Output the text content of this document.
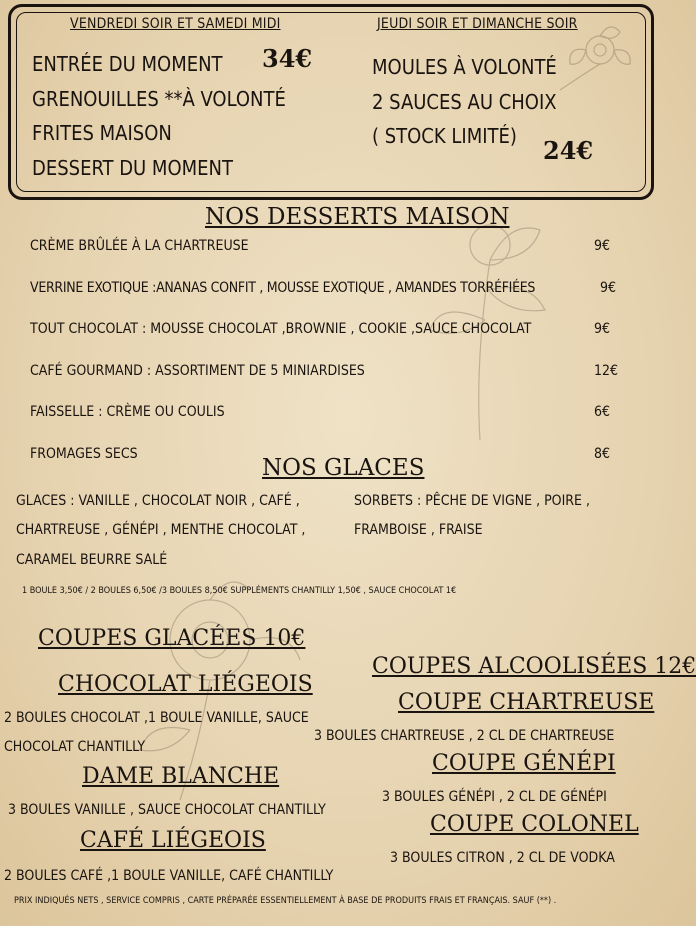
VENDREDI SOIR ET SAMEDI MIDI
ENTRÉE DU MOMENT
GRENOUILLES **À VOLONTÉ
FRITES MAISON
DESSERT DU MOMENT
34€
JEUDI SOIR ET DIMANCHE SOIR
MOULES À VOLONTÉ
2 SAUCES AU CHOIX
( STOCK LIMITÉ) 24€
NOS DESSERTS MAISON
CRÈME BRÛLÉE À LA CHARTREUSE	9€
VERRINE EXOTIQUE :ANANAS CONFIT , MOUSSE EXOTIQUE , AMANDES TORRÉFIÉES	9€
TOUT CHOCOLAT : MOUSSE CHOCOLAT ,BROWNIE , COOKIE ,SAUCE CHOCOLAT	9€
CAFÉ GOURMAND : ASSORTIMENT DE 5 MINIARDISES	12€
FAISSELLE : CRÈME OU COULIS	6€
FROMAGES SECS	8€
NOS GLACES
GLACES : VANILLE , CHOCOLAT NOIR , CAFÉ ,
CHARTREUSE , GÉNÉPI , MENTHE CHOCOLAT ,
CARAMEL BEURRE SALÉ
SORBETS : PÊCHE DE VIGNE , POIRE ,
FRAMBOISE , FRAISE
1 BOULE 3,50€ / 2 BOULES 6,50€ /3 BOULES 8,50€ SUPPLÉMENTS CHANTILLY 1,50€ , SAUCE CHOCOLAT 1€
COUPES GLACÉES 10€
CHOCOLAT LIÉGEOIS
2 BOULES CHOCOLAT ,1 BOULE VANILLE, SAUCE
CHOCOLAT CHANTILLY
DAME BLANCHE
3 BOULES VANILLE , SAUCE CHOCOLAT CHANTILLY
CAFÉ LIÉGEOIS
2 BOULES CAFÉ ,1 BOULE VANILLE, CAFÉ CHANTILLY
COUPES ALCOOLISÉES 12€
COUPE CHARTREUSE
3 BOULES CHARTREUSE , 2 CL DE CHARTREUSE
COUPE GÉNÉPI
3 BOULES GÉNÉPI , 2 CL DE GÉNÉPI
COUPE COLONEL
3 BOULES CITRON , 2 CL DE VODKA
PRIX INDIQUÉS NETS , SERVICE COMPRIS , CARTE PRÉPARÉE ESSENTIELLEMENT À BASE DE PRODUITS FRAIS ET FRANÇAIS. SAUF (**) .
